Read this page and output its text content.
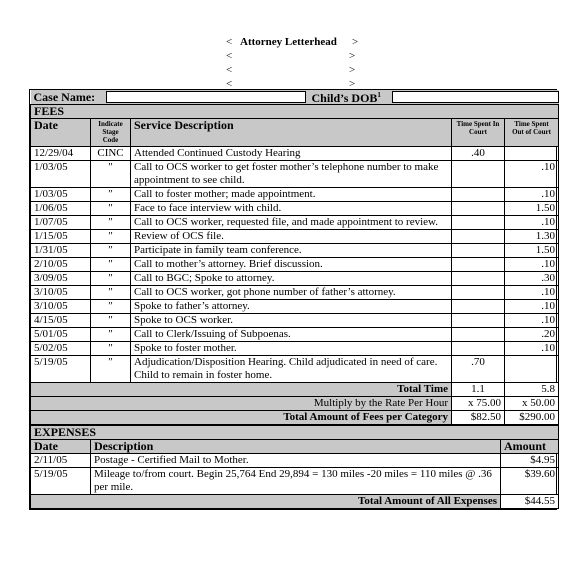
< Attorney Letterhead >
<	>
<	>
<	>
Case Name: Child’s DOB$^1$

FEES				
Date	Indicate Stage Code	Service Description	Time Spent In Court	Time Spent Out of Court
12/29/04	CINC	Attended Continued Custody Hearing	.40	
1/03/05	″	Call to OCS worker to get foster mother’s telephone number to make appointment to see child.		.10
1/03/05	″	Call to foster mother; made appointment.		.10
1/06/05	″	Face to face interview with child.		1.50
1/07/05	″	Call to OCS worker, requested file, and made appointment to review.		.10
1/15/05	″	Review of OCS file.		1.30
1/31/05	″	Participate in family team conference.		1.50
2/10/05	″	Call to mother’s attorney. Brief discussion.		.10
3/09/05	″	Call to BGC; Spoke to attorney.		.30
3/10/05	″	Call to OCS worker, got phone number of father’s attorney.		.10
3/10/05	″	Spoke to father’s attorney.		.10
4/15/05	″	Spoke to OCS worker.		.10
5/01/05	″	Call to Clerk/Issuing of Subpoenas.		.20
5/02/05	″	Spoke to foster mother.		.10
5/19/05	″	Adjudication/Disposition Hearing. Child adjudicated in need of care. Child to remain in foster home.	.70	
Total Time			1.1	5.8
Multiply by the Rate Per Hour			x 75.00	x 50.00
Total Amount of Fees per Category			$82.50	$290.00
EXPENSES		
Date	Description	Amount
2/11/05	Postage - Certified Mail to Mother.	$4.95
5/19/05	Mileage to/from court. Begin 25,764 End 29,894 = 130 miles -20 miles = 110 miles @ .36 per mile.	$39.60
Total Amount of All Expenses		$44.55
